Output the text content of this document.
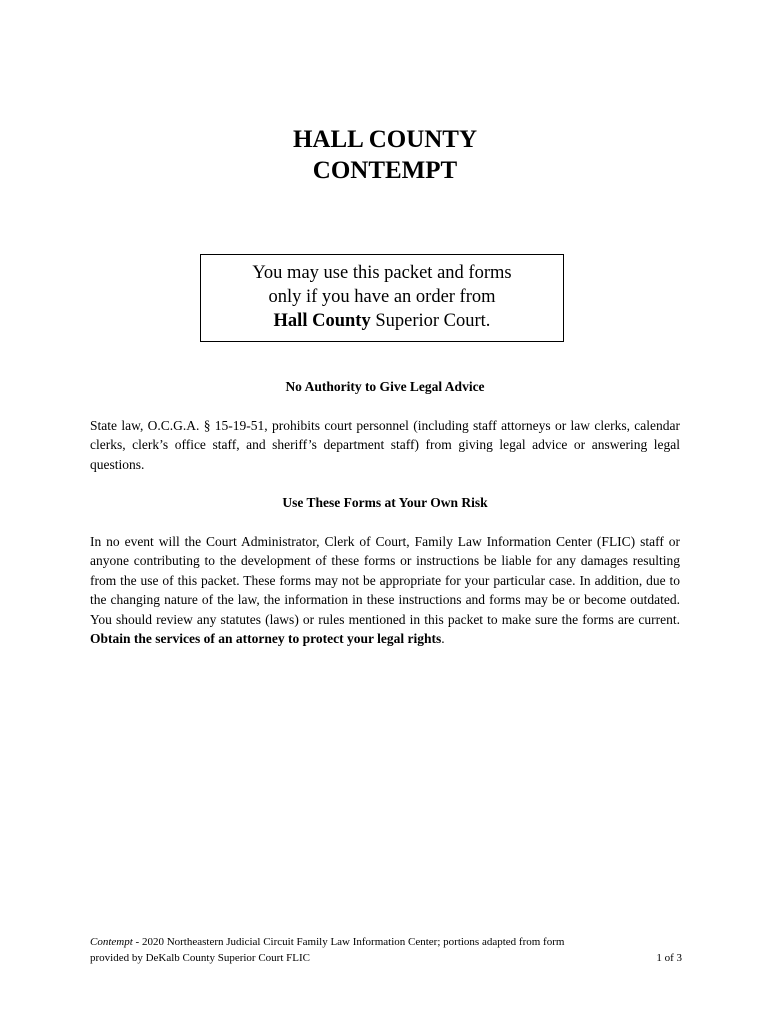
HALL COUNTY
CONTEMPT
You may use this packet and forms
only if you have an order from
Hall County Superior Court.
No Authority to Give Legal Advice
State law, O.C.G.A. § 15-19-51, prohibits court personnel (including staff attorneys or law clerks, calendar clerks, clerk’s office staff, and sheriff’s department staff) from giving legal advice or answering legal questions.
Use These Forms at Your Own Risk
In no event will the Court Administrator, Clerk of Court, Family Law Information Center (FLIC) staff or anyone contributing to the development of these forms or instructions be liable for any damages resulting from the use of this packet. These forms may not be appropriate for your particular case. In addition, due to the changing nature of the law, the information in these instructions and forms may be or become outdated. You should review any statutes (laws) or rules mentioned in this packet to make sure the forms are current. Obtain the services of an attorney to protect your legal rights.
Contempt - 2020 Northeastern Judicial Circuit Family Law Information Center; portions adapted from form
provided by DeKalb County Superior Court FLIC	1 of 3
